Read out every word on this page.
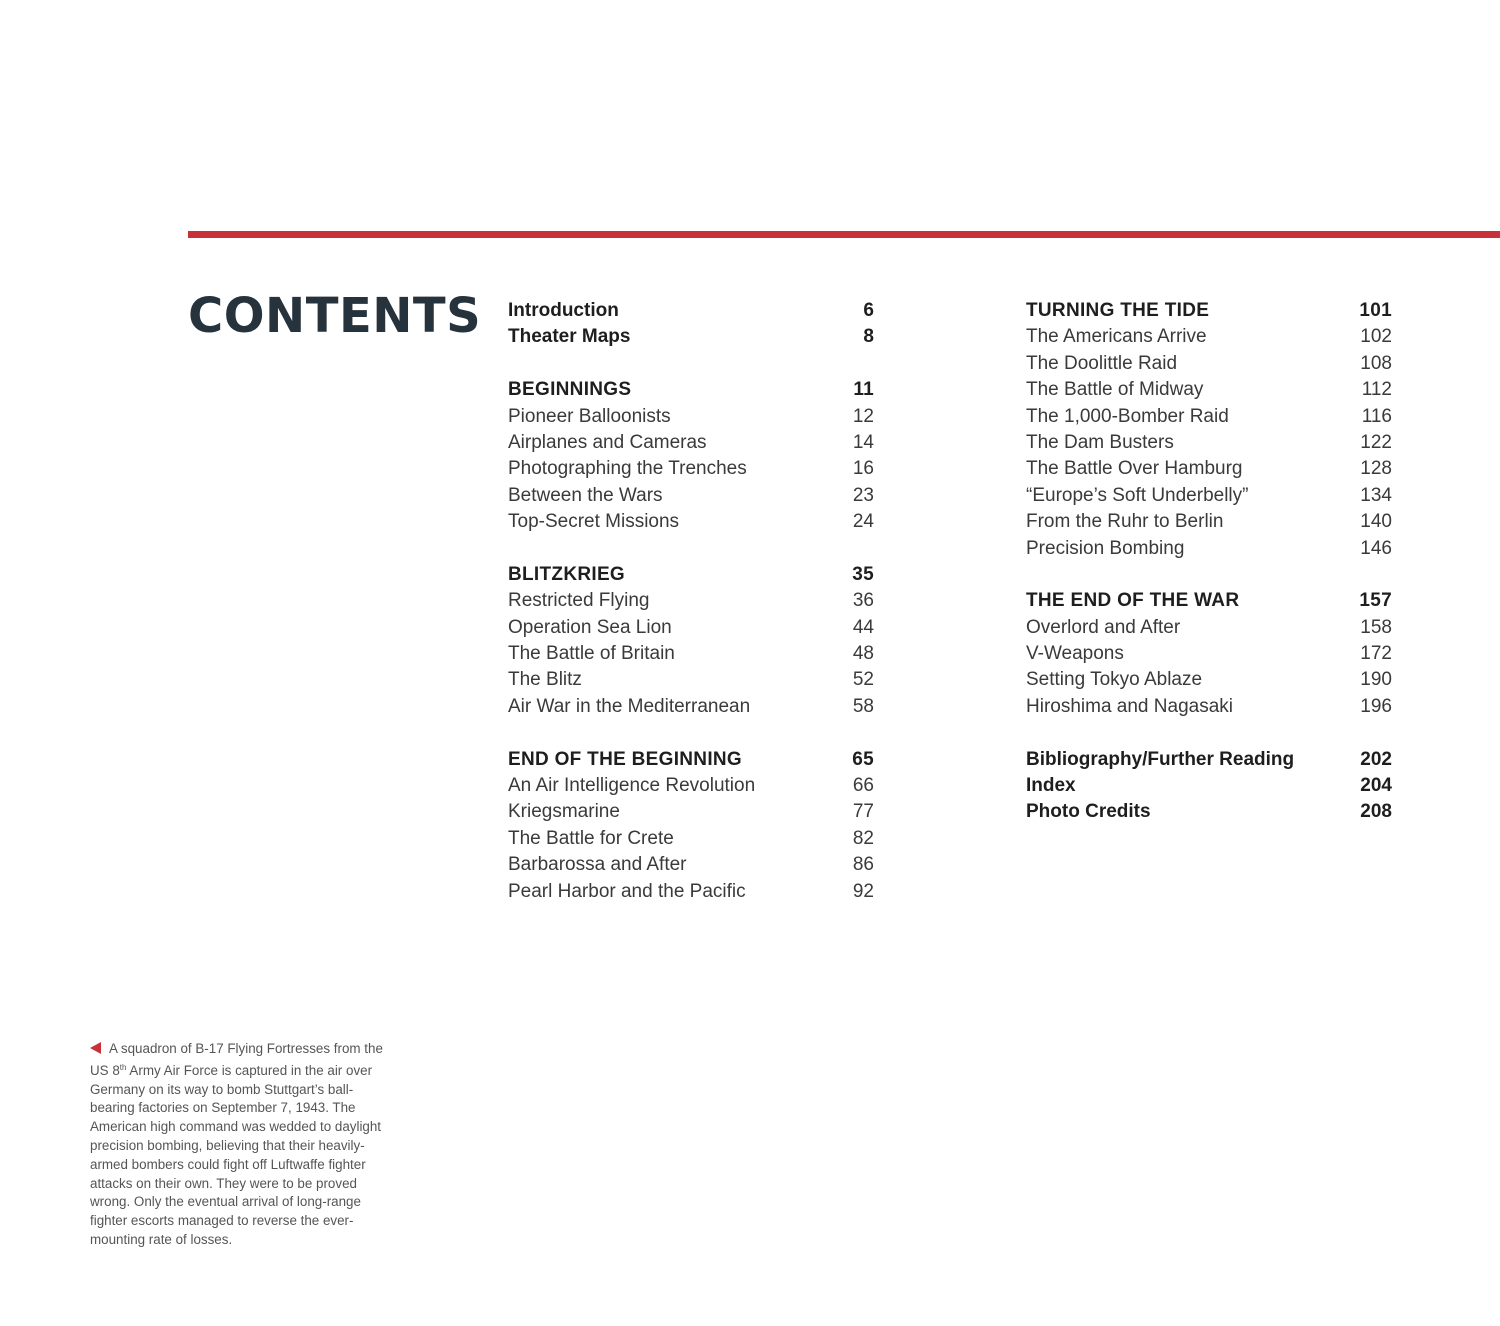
CONTENTS Introduction	6
Theater Maps	8
BEGINNINGS	11
Pioneer Balloonists	12
Airplanes and Cameras	14
Photographing the Trenches	16
Between the Wars	23
Top-Secret Missions	24
BLITZKRIEG	35
Restricted Flying	36
Operation Sea Lion	44
The Battle of Britain	48
The Blitz	52
Air War in the Mediterranean	58
END OF THE BEGINNING	65
An Air Intelligence Revolution	66
Kriegsmarine	77
The Battle for Crete	82
Barbarossa and After	86
Pearl Harbor and the Pacific	92
TURNING THE TIDE	101
The Americans Arrive	102
The Doolittle Raid	108
The Battle of Midway	112
The 1,000-Bomber Raid	116
The Dam Busters	122
The Battle Over Hamburg	128
“Europe’s Soft Underbelly”	134
From the Ruhr to Berlin	140
Precision Bombing	146
THE END OF THE WAR	157
Overlord and After	158
V-Weapons	172
Setting Tokyo Ablaze	190
Hiroshima and Nagasaki	196
Bibliography/Further Reading	202
Index	204
Photo Credits	208
A squadron of B-17 Flying Fortresses from the US 8th Army Air Force is captured in the air over Germany on its way to bomb Stuttgart’s ball-bearing factories on September 7, 1943. The American high command was wedded to daylight precision bombing, believing that their heavily-armed bombers could fight off Luftwaffe fighter attacks on their own. They were to be proved wrong. Only the eventual arrival of long-range fighter escorts managed to reverse the ever-mounting rate of losses.
